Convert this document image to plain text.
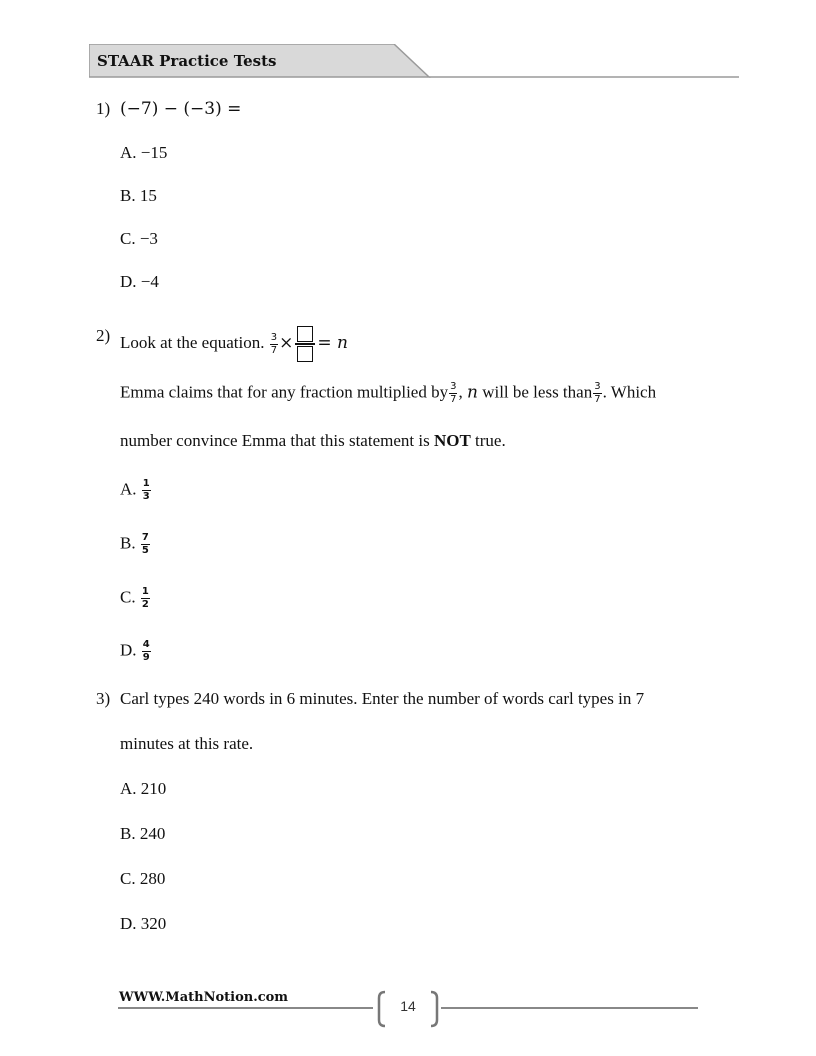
STAAR Practice Tests
1) (−7) − (−3) =
A. −15
B. 15
C. −3
D. −4
2) Look at the equation. $\frac{3}{7}$ × = n
Emma claims that for any fraction multiplied by $\frac{3}{7}$ , n will be less than $\frac{3}{7}$ . Which
number convince Emma that this statement is NOT true.
A. $\frac{1}{3}$
B. $\frac{7}{5}$
C. $\frac{1}{2}$
D. $\frac{4}{9}$
3) Carl types 240 words in 6 minutes. Enter the number of words carl types in 7
minutes at this rate.
A. 210
B. 240
C. 280
D. 320
WWW.MathNotion.com
14
